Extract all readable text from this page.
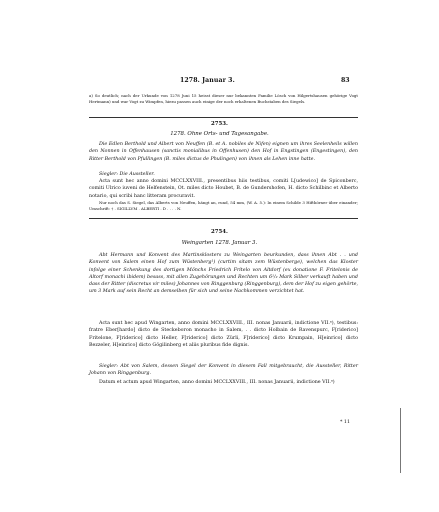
1278. Januar 3.	83

a) So deutlich; nach der Urkunde von 1278 Juni 15 heisst dieser nur bekannten Familie Lösch von Hilgertshausen gehörige Vogt Hertmann) und war Vogt zu Wimpfen, hiezu passen auch einige der noch erhaltenen Buchstaben des Siegels.

2753.
1278. Ohne Orts- und Tagesangabe.

Die Edlen Berthold und Albert von Neuffen (B. et A. nobiles de Nifen) eignen um ihres Seelenheils willen den Nonnen in Offenhausen (sanctis monialibus in Offenhusen) den Hof in Engstingen (Engestingen), den Ritter Berthold von Pfullingen (B. miles dictus de Phulingen) von ihnen als Lehen inne hatte.

Siegler: Die Aussteller.

Acta sunt hec anno domini MCCLXXVIII., presentibus hiis testibus, comiti L[udewico] de Spiconberc, comiti Ulrico iuveni de Helfenstein, Ot. miles dicto Houbet, B. de Gundershofen, H. dicto Schilbinc et Alberto notario, qui scribi hanc litteram procuravit.

Nur noch das S. Siegel, das Alberts von Neuffen, hängt an, rund, 54 mm, (W. A. 5.): In einem Schilde 3 Hifthörner über einander; Umschrift: † . SIGILLVM . ALBERTI . D . . . . N.

2754.
Weingarten 1278. Januar 3.

Abt Hermann und Konvent des Martinsklosters zu Weingarten beurkunden, dass ihnen Abt . . und Konvent von Salem einen Hof zum Wüstenberg¹) (curtim sitam zem Wüstenberge), welchen das Kloster infolge einer Schenkung des dortigen Mönchs Friedrich Fritelo von Altdorf (ex donatione F. Fritelonis de Altorf monachi ibidem) besass, mit allen Zugehörungen und Rechten um 6¹/₂ Mark Silber verkauft haben und dass der Ritter (discretus vir miles) Johannes von Ringgenburg (Ringgenburg), dem der Hof zu eigen gehörte, um 3 Mark auf sein Recht an demselben für sich und seine Nachkommen verzichtet hat.

Acta sunt hec apud Wingarten, anno domini MCCLXXVIII., III. nonas Januarii, indictione VII.ᵃ), testibus: fratre Eber[hardo] dicto de Steckeboron monacho in Salem, . . dicto Holbain de Ravenspurc, F[riderico] Fritelone, F[riderico] dicto Heller, F[riderico] dicto Zürli, F[riderico] dicto Krumpain, H[einrico] dicto Bezzeler, H[einrico] dicto Gögilinberg et aliis pluribus fide dignis.

Siegler: Abt von Salem, dessen Siegel der Konvent in diesem Fall mitgebraucht, die Aussteller, Ritter Johann von Ringgenburg.

Datum et actum apud Wingarten, anno domini MCCLXXVIII., III. nonas Januarii, indictione VII.ᵃ)

* 11
